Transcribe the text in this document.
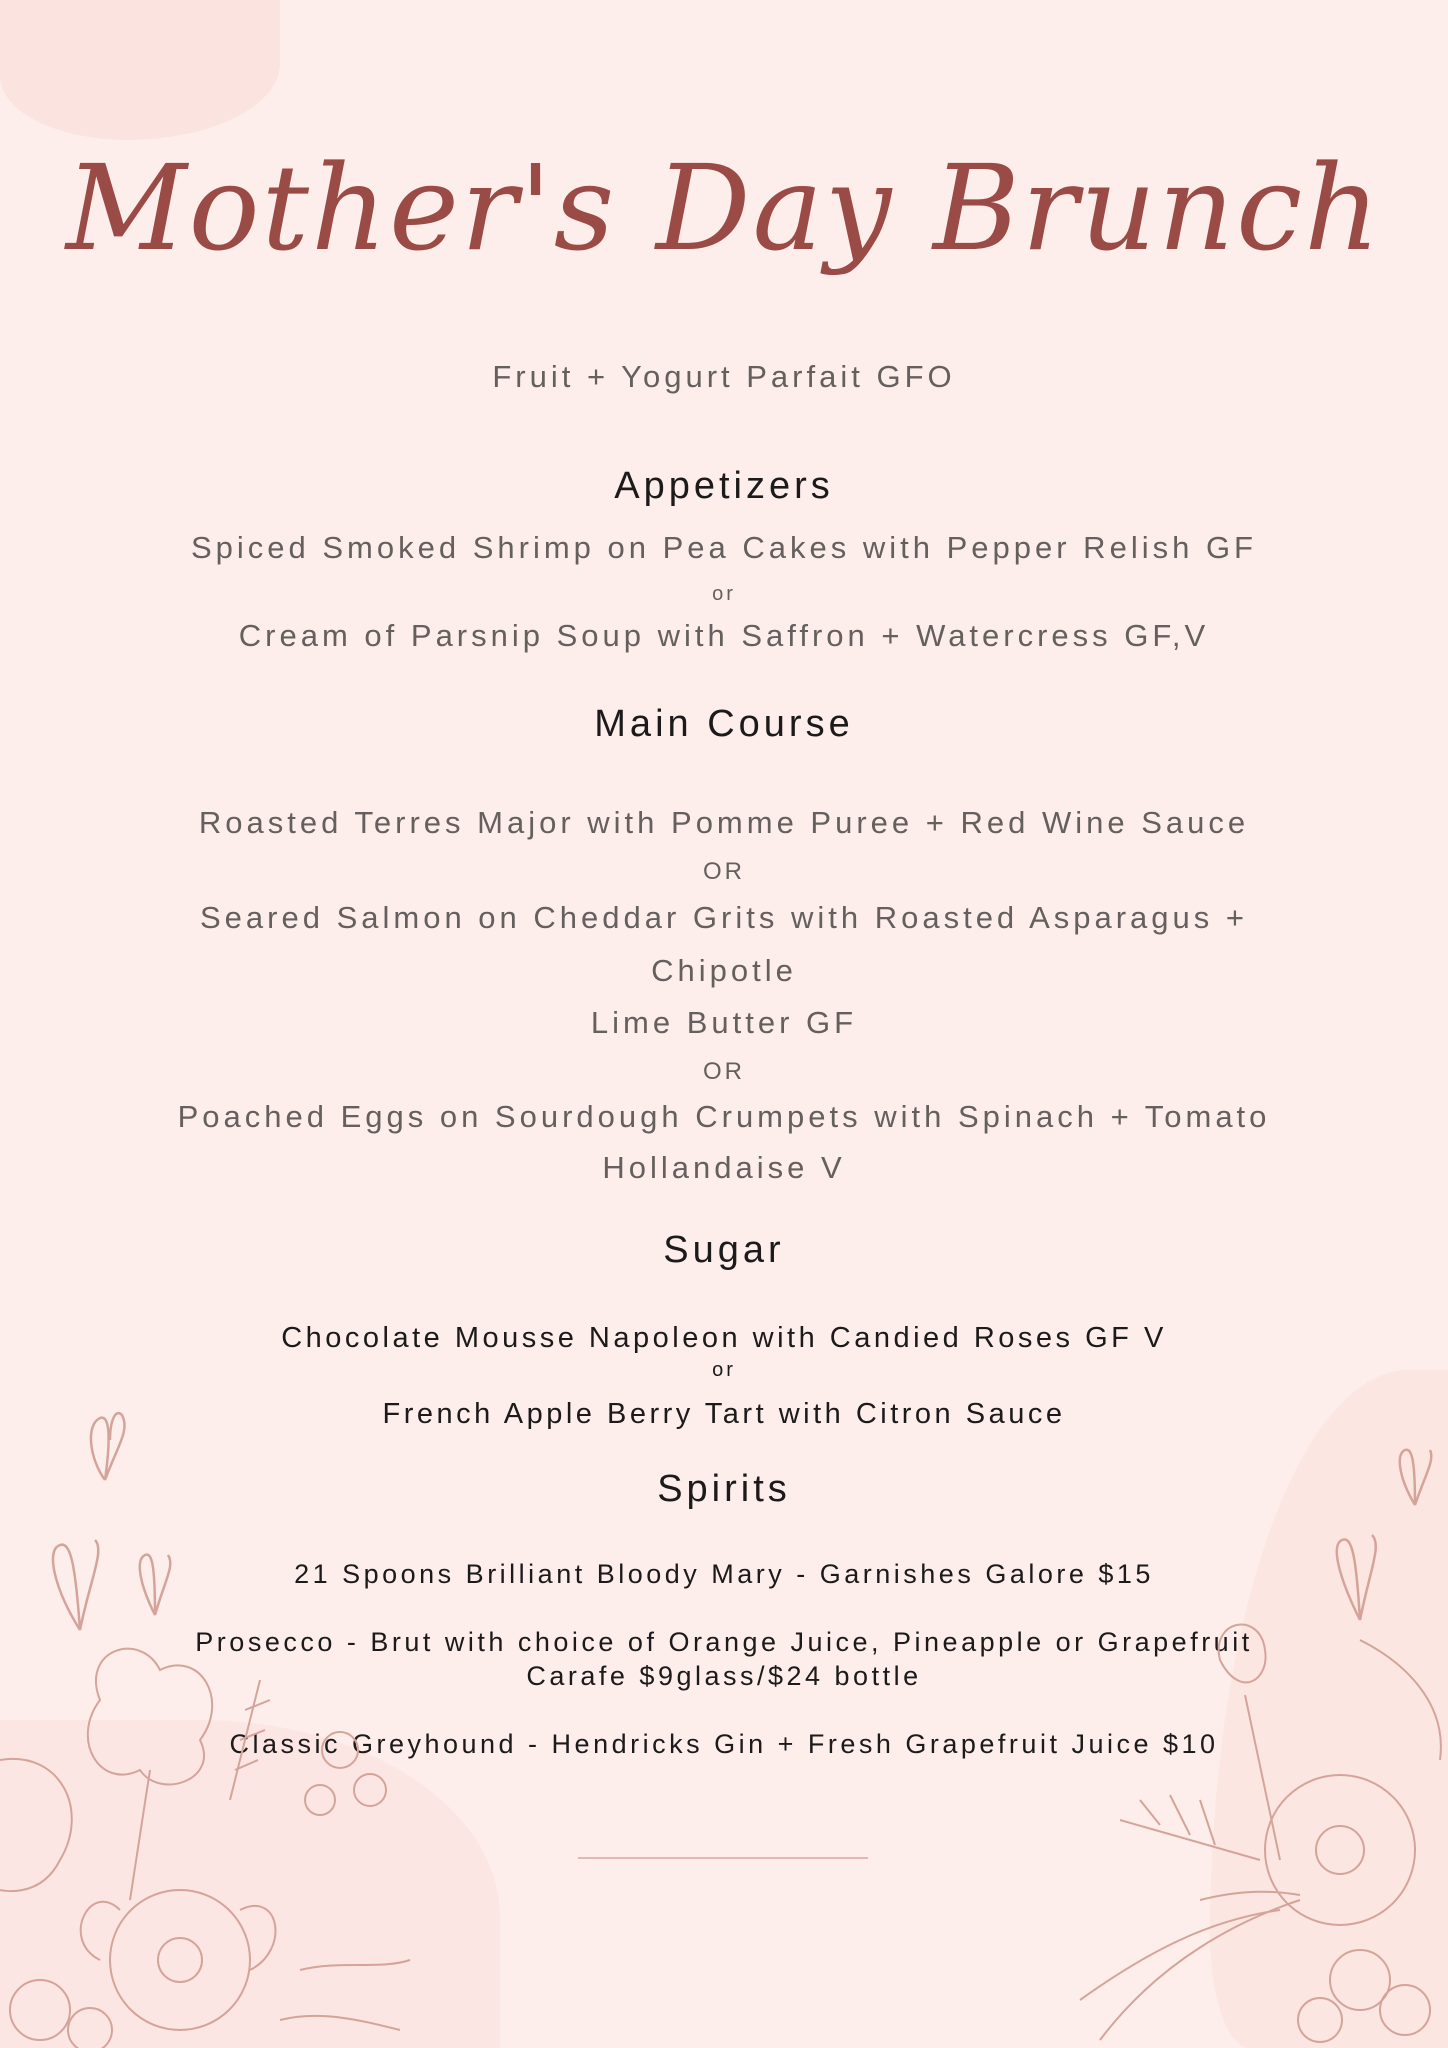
Mother's Day Brunch
Fruit + Yogurt Parfait GFO
Appetizers
Spiced Smoked Shrimp on Pea Cakes with Pepper Relish GF
or
Cream of Parsnip Soup with Saffron + Watercress GF,V
Main Course
Roasted Terres Major with Pomme Puree + Red Wine Sauce
OR
Seared Salmon on Cheddar Grits with Roasted Asparagus +
Chipotle
Lime Butter GF
OR
Poached Eggs on Sourdough Crumpets with Spinach + Tomato
Hollandaise V
Sugar
Chocolate Mousse Napoleon with Candied Roses GF V
or
French Apple Berry Tart with Citron Sauce
Spirits
21 Spoons Brilliant Bloody Mary - Garnishes Galore $15
Prosecco - Brut with choice of Orange Juice, Pineapple or Grapefruit
Carafe $9glass/$24 bottle
Classic Greyhound - Hendricks Gin + Fresh Grapefruit Juice $10
